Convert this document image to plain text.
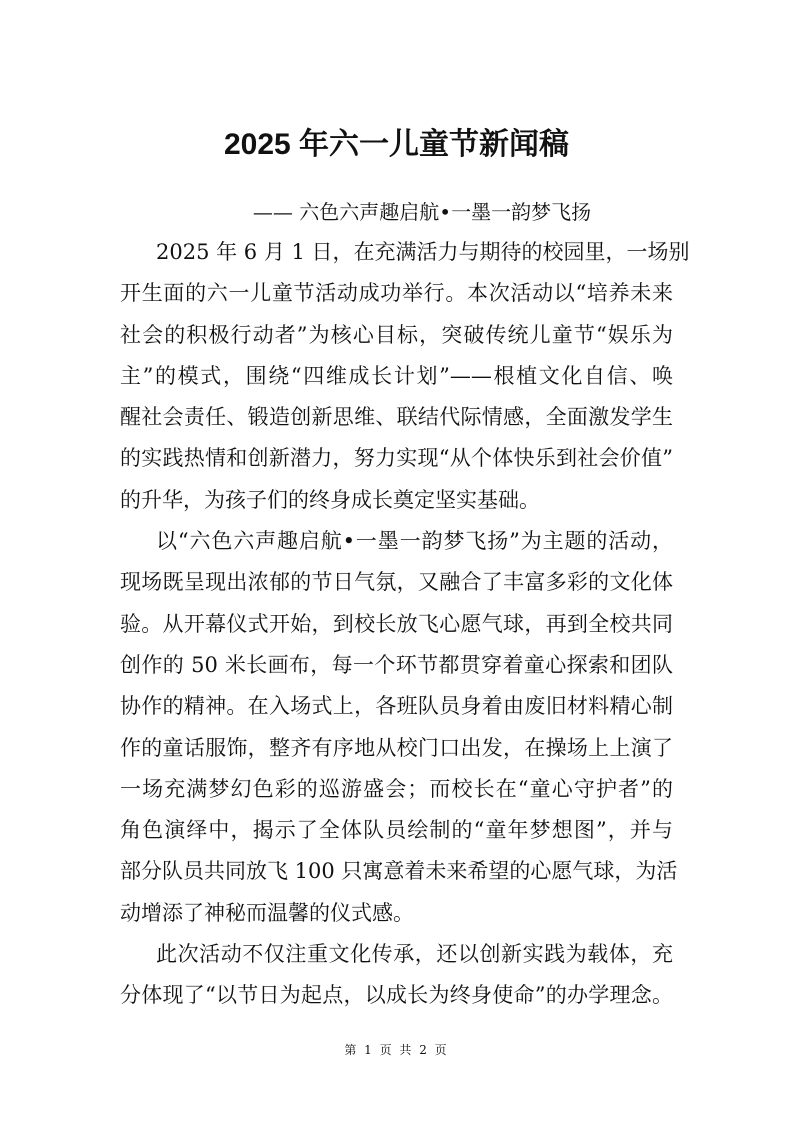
2025 年六一儿童节新闻稿
—— 六色六声趣启航•一墨一韵梦飞扬
2025 年 6 月 1 日，在充满活力与期待的校园里，一场别
开生面的六一儿童节活动成功举行。本次活动以“培养未来
社会的积极行动者”为核心目标，突破传统儿童节“娱乐为
主”的模式，围绕“四维成长计划”——根植文化自信、唤
醒社会责任、锻造创新思维、联结代际情感，全面激发学生
的实践热情和创新潜力，努力实现“从个体快乐到社会价值”
的升华，为孩子们的终身成长奠定坚实基础。
以“六色六声趣启航•一墨一韵梦飞扬”为主题的活动，
现场既呈现出浓郁的节日气氛，又融合了丰富多彩的文化体
验。从开幕仪式开始，到校长放飞心愿气球，再到全校共同
创作的 50 米长画布，每一个环节都贯穿着童心探索和团队
协作的精神。在入场式上，各班队员身着由废旧材料精心制
作的童话服饰，整齐有序地从校门口出发，在操场上上演了
一场充满梦幻色彩的巡游盛会；而校长在“童心守护者”的
角色演绎中，揭示了全体队员绘制的“童年梦想图”，并与
部分队员共同放飞 100 只寓意着未来希望的心愿气球，为活
动增添了神秘而温馨的仪式感。
此次活动不仅注重文化传承，还以创新实践为载体，充
分体现了“以节日为起点，以成长为终身使命”的办学理念。
第 1 页 共 2 页
